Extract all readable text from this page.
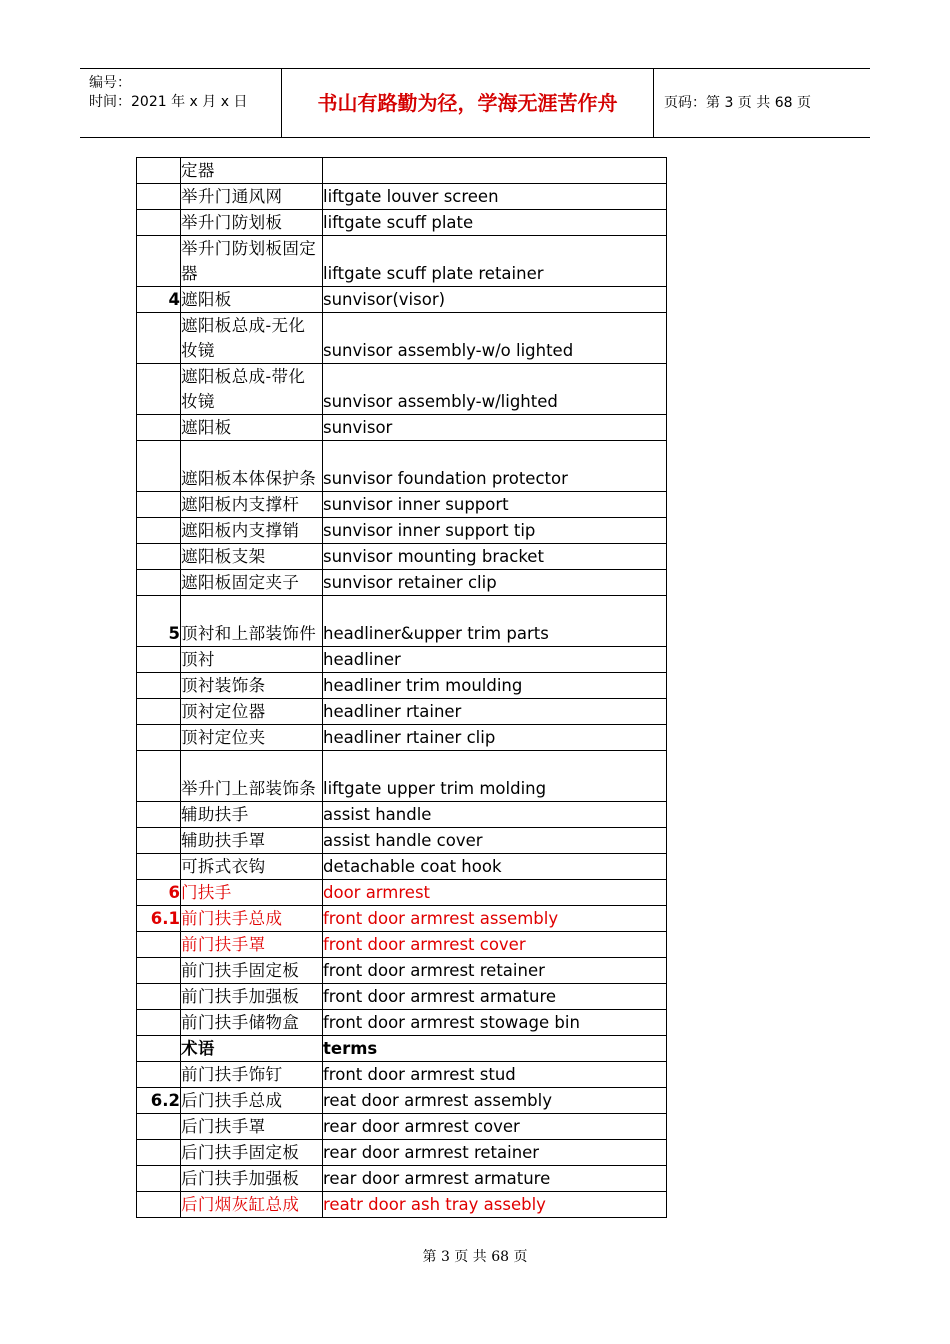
编号：
时间：2021 年 x 月 x 日	书山有路勤为径，学海无涯苦作舟	页码：第 3 页 共 68 页
	定器	
	举升门通风网	liftgate louver screen
	举升门防划板	liftgate scuff plate
	举升门防划板固定器	liftgate scuff plate retainer
4	遮阳板	sunvisor(visor)
	遮阳板总成-无化妆镜	sunvisor assembly-w/o lighted
	遮阳板总成-带化妆镜	sunvisor assembly-w/lighted
	遮阳板	sunvisor
	遮阳板本体保护条	sunvisor foundation protector
	遮阳板内支撑杆	sunvisor inner support
	遮阳板内支撑销	sunvisor inner support tip
	遮阳板支架	sunvisor mounting bracket
	遮阳板固定夹子	sunvisor retainer clip
5	顶衬和上部装饰件	headliner&upper trim parts
	顶衬	headliner
	顶衬装饰条	headliner trim moulding
	顶衬定位器	headliner rtainer
	顶衬定位夹	headliner rtainer clip
	举升门上部装饰条	liftgate upper trim molding
	辅助扶手	assist handle
	辅助扶手罩	assist handle cover
	可拆式衣钩	detachable coat hook
6	门扶手	door armrest
6.1	前门扶手总成	front door armrest assembly
	前门扶手罩	front door armrest cover
	前门扶手固定板	front door armrest retainer
	前门扶手加强板	front door armrest armature
	前门扶手储物盒	front door armrest stowage bin
	术语	terms
	前门扶手饰钉	front door armrest stud
6.2	后门扶手总成	reat door armrest assembly
	后门扶手罩	rear door armrest cover
	后门扶手固定板	rear door armrest retainer
	后门扶手加强板	rear door armrest armature
	后门烟灰缸总成	reatr door ash tray assebly
第 3 页 共 68 页
